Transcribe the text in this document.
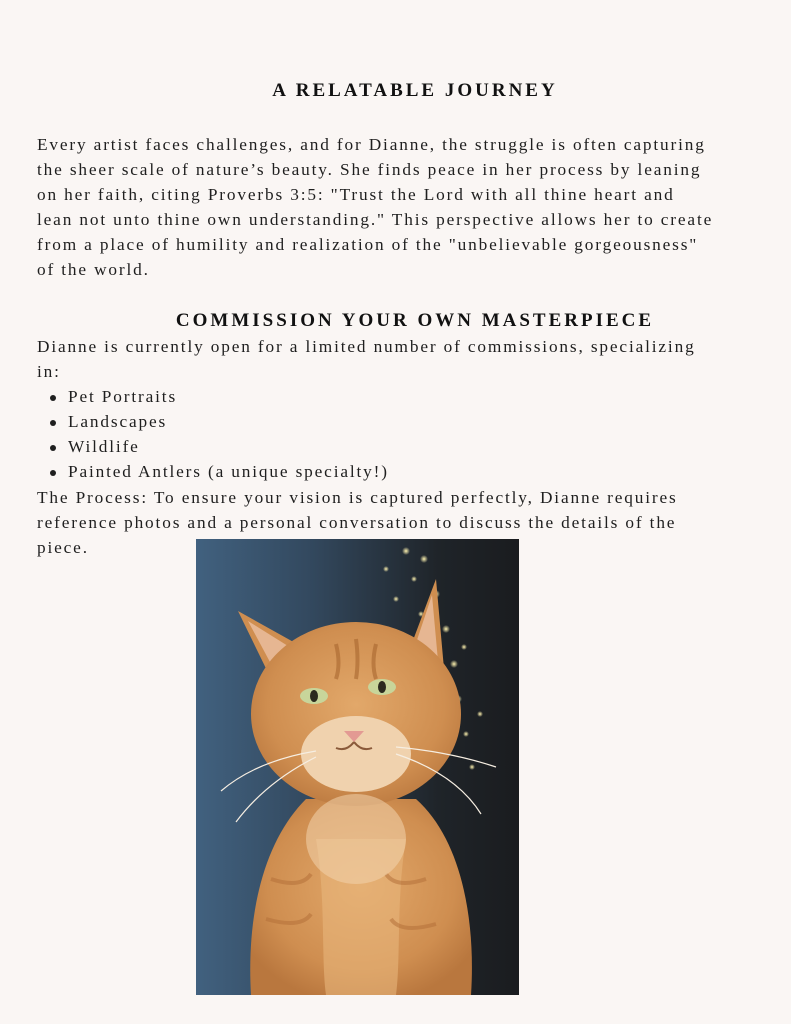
A RELATABLE JOURNEY

Every artist faces challenges, and for Dianne, the struggle is often capturing
the sheer scale of nature’s beauty. She finds peace in her process by leaning
on her faith, citing Proverbs 3:5: "Trust the Lord with all thine heart and
lean not unto thine own understanding." This perspective allows her to create
from a place of humility and realization of the "unbelievable gorgeousness"
of the world.

COMMISSION YOUR OWN MASTERPIECE

Dianne is currently open for a limited number of commissions, specializing
in:

Pet Portraits
Landscapes
Wildlife
Painted Antlers (a unique specialty!)

The Process: To ensure your vision is captured perfectly, Dianne requires
reference photos and a personal conversation to discuss the details of the
piece.
